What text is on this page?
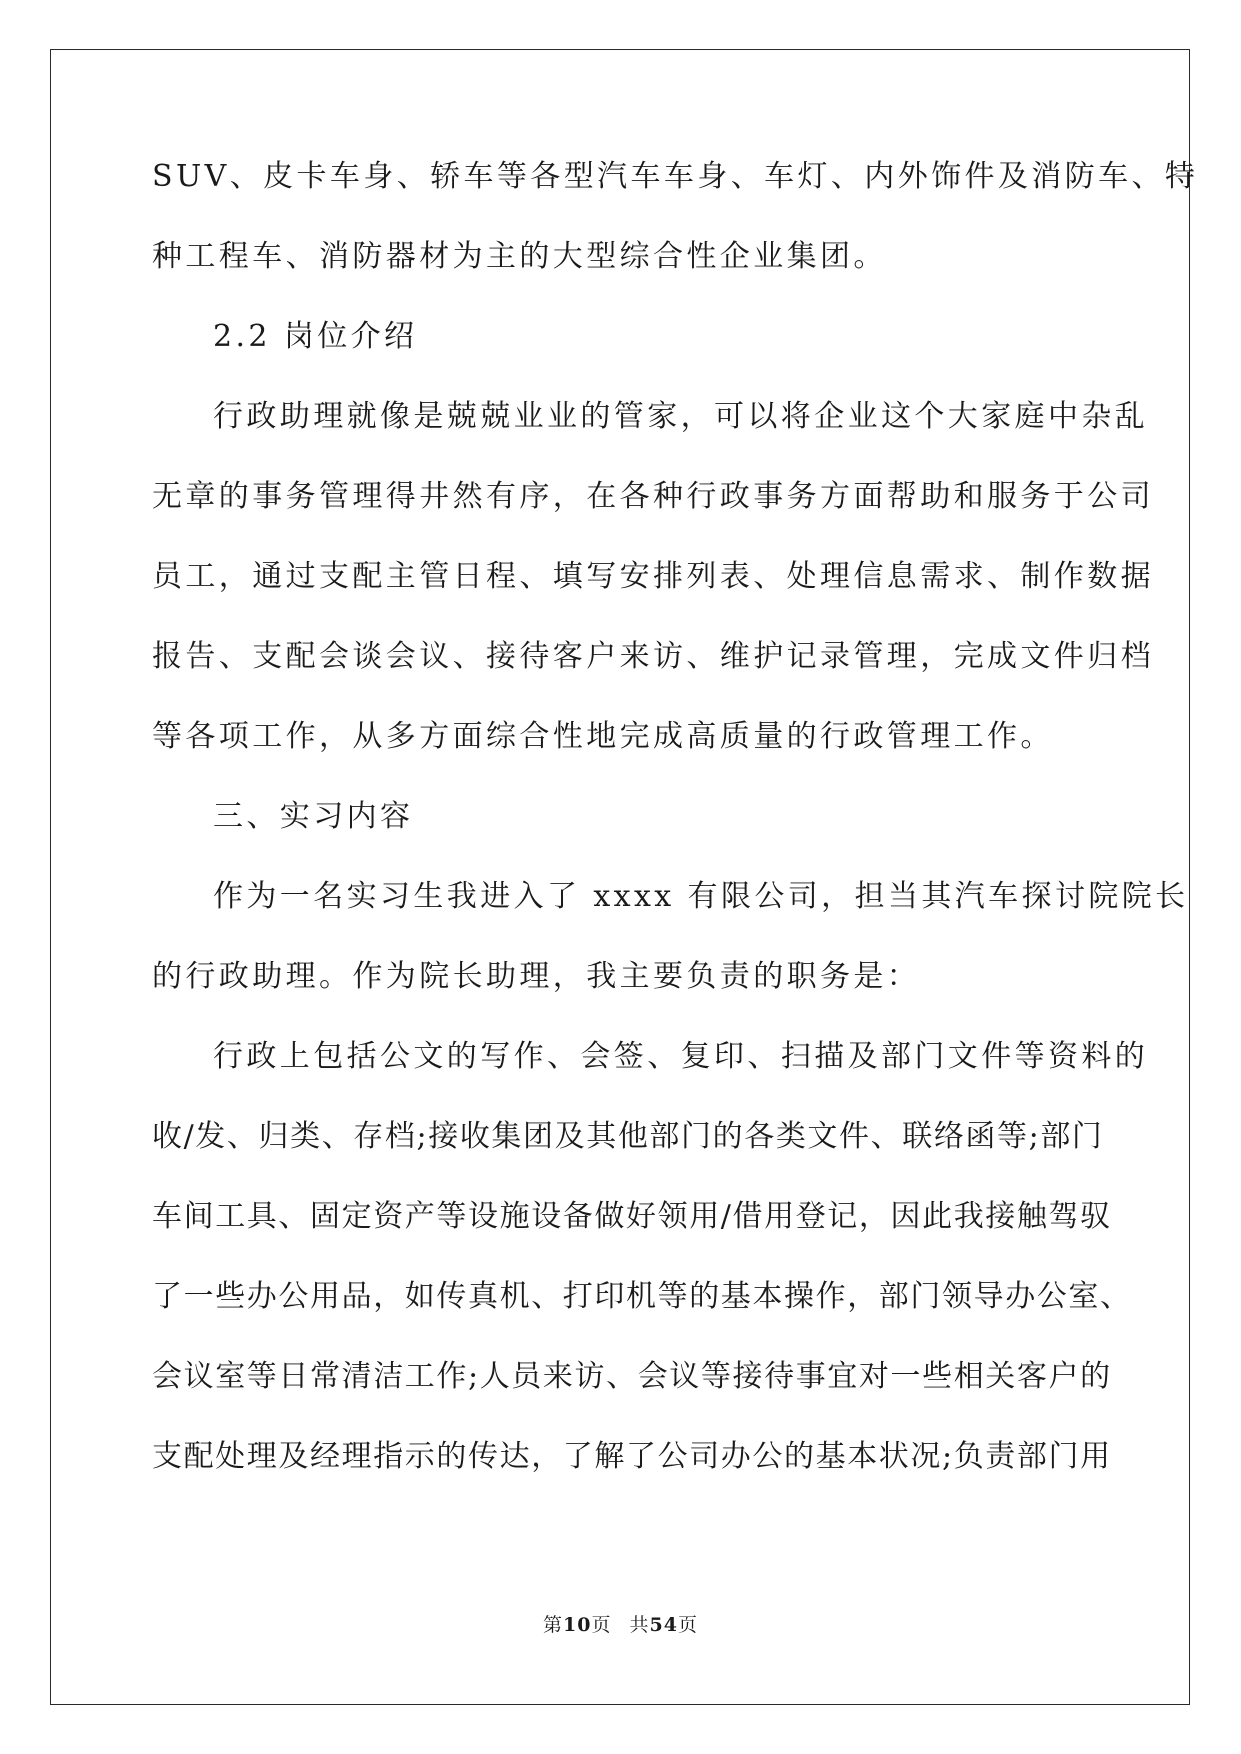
SUV、皮卡车身、轿车等各型汽车车身、车灯、内外饰件及消防车、特
种工程车、消防器材为主的大型综合性企业集团。
2.2 岗位介绍
行政助理就像是兢兢业业的管家，可以将企业这个大家庭中杂乱
无章的事务管理得井然有序，在各种行政事务方面帮助和服务于公司
员工，通过支配主管日程、填写安排列表、处理信息需求、制作数据
报告、支配会谈会议、接待客户来访、维护记录管理，完成文件归档
等各项工作，从多方面综合性地完成高质量的行政管理工作。
三、实习内容
作为一名实习生我进入了 xxxx 有限公司，担当其汽车探讨院院长
的行政助理。作为院长助理，我主要负责的职务是：
行政上包括公文的写作、会签、复印、扫描及部门文件等资料的
收/发、归类、存档;接收集团及其他部门的各类文件、联络函等;部门
车间工具、固定资产等设施设备做好领用/借用登记，因此我接触驾驭
了一些办公用品，如传真机、打印机等的基本操作，部门领导办公室、
会议室等日常清洁工作;人员来访、会议等接待事宜对一些相关客户的
支配处理及经理指示的传达，了解了公司办公的基本状况;负责部门用
第10页 共54页
